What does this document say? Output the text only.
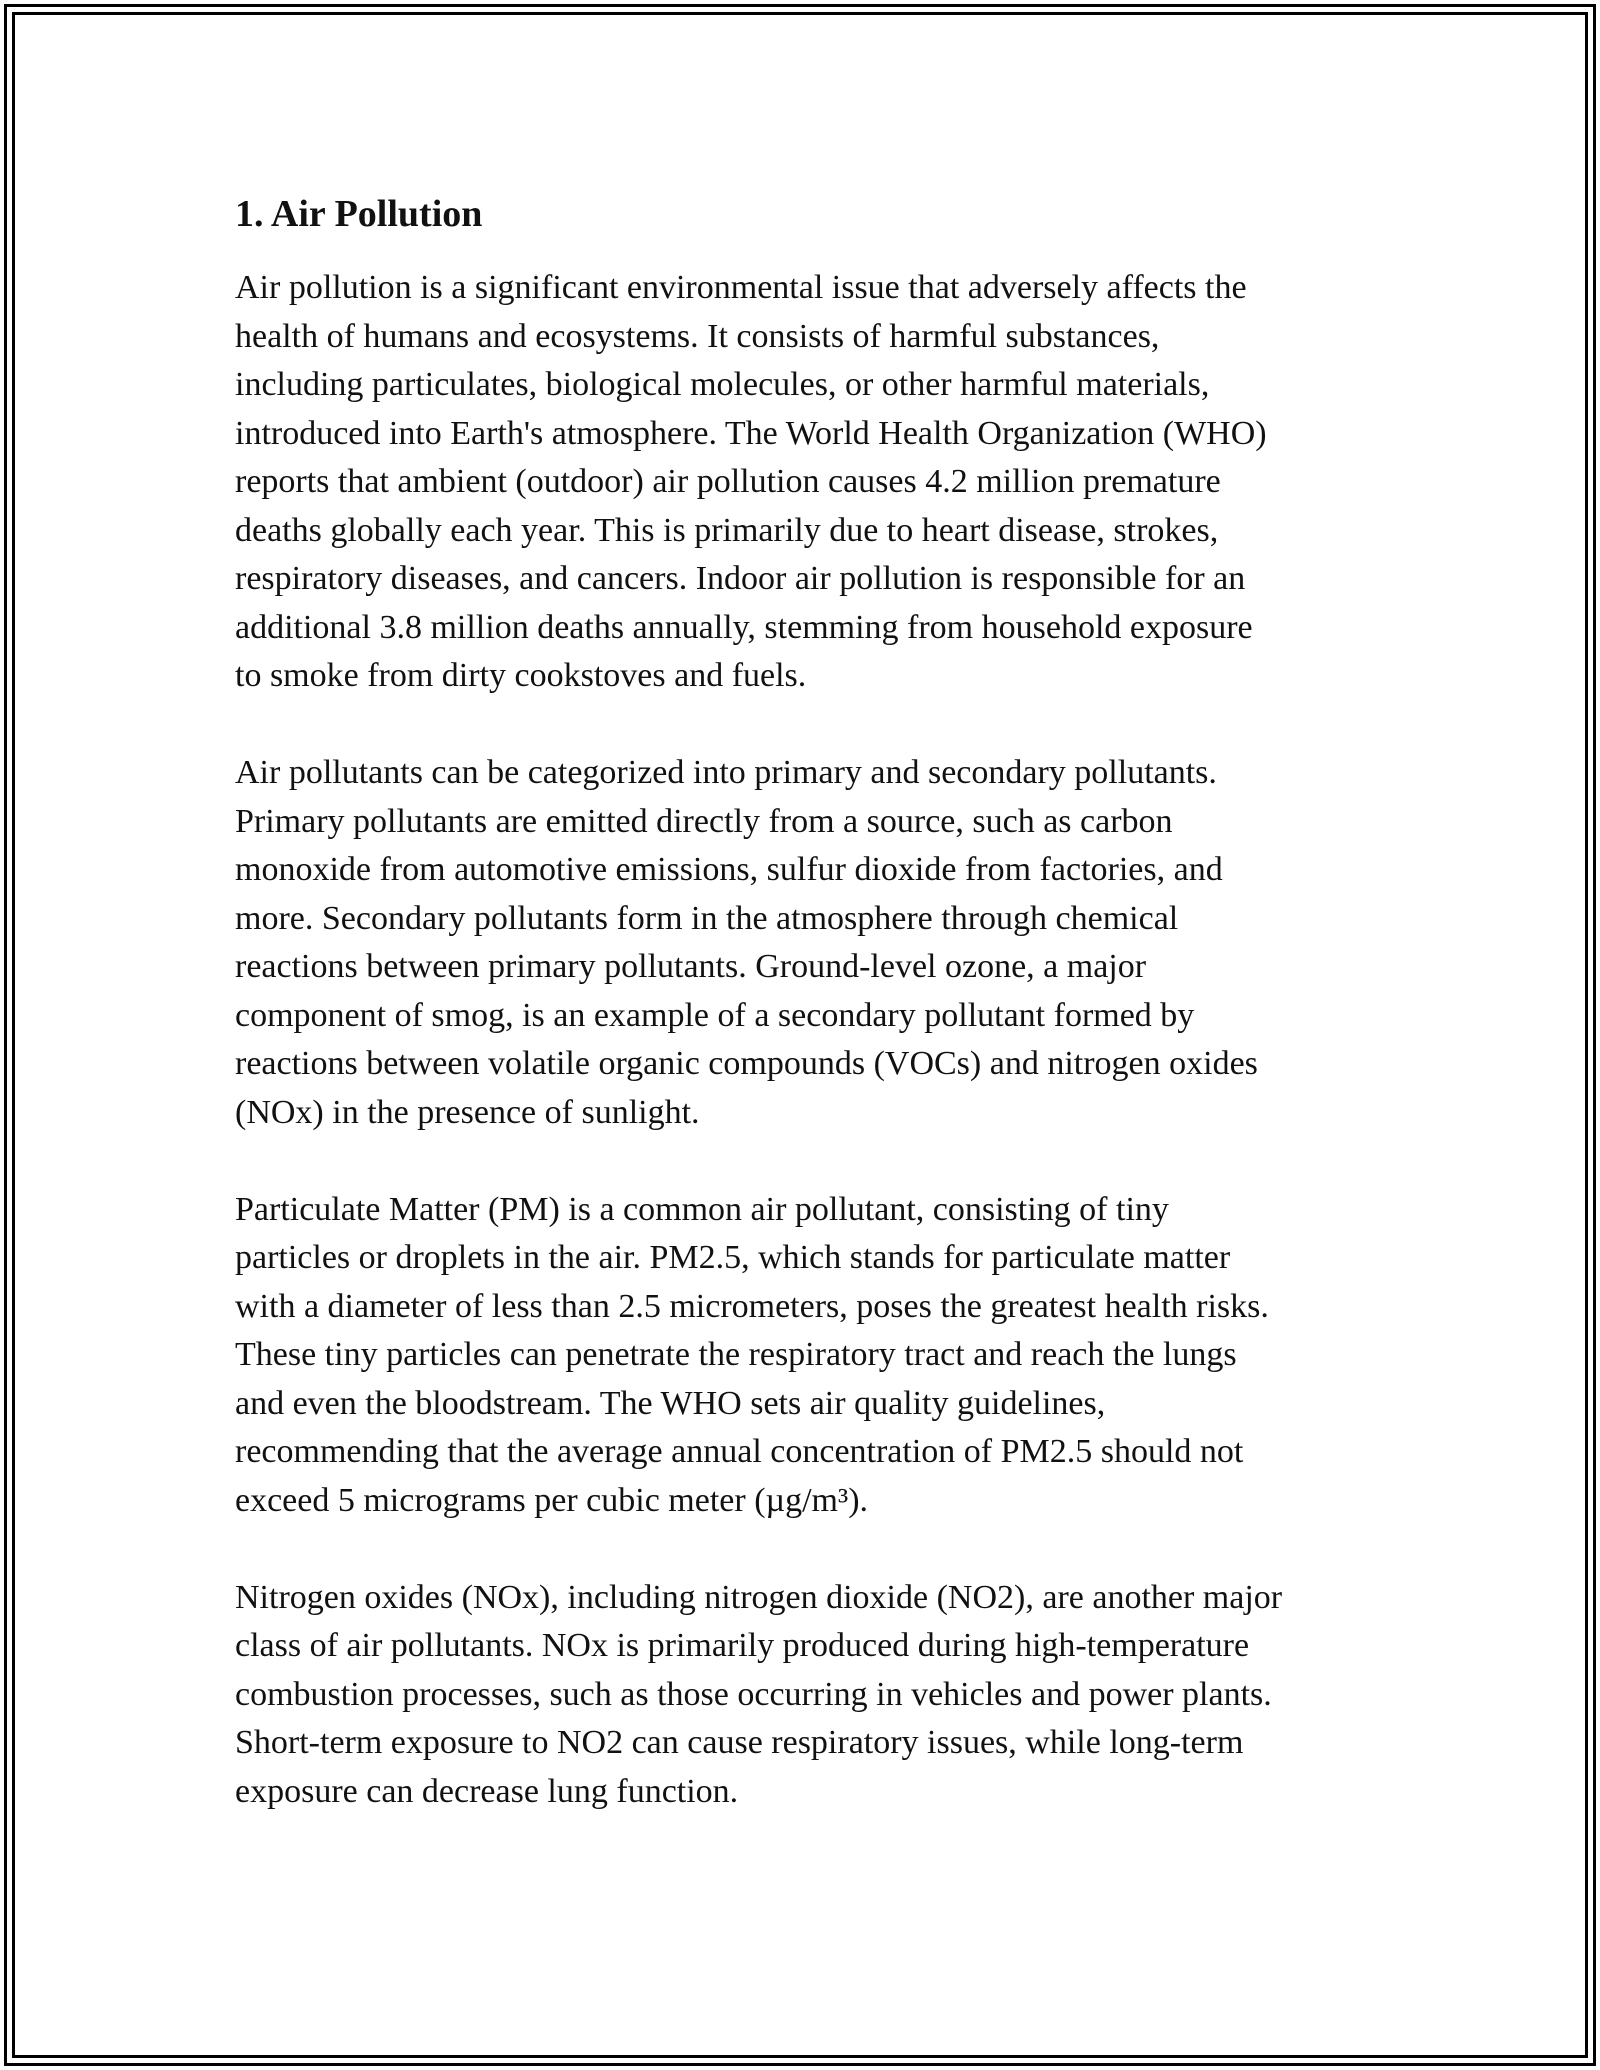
1. Air Pollution

Air pollution is a significant environmental issue that adversely affects the
health of humans and ecosystems. It consists of harmful substances,
including particulates, biological molecules, or other harmful materials,
introduced into Earth's atmosphere. The World Health Organization (WHO)
reports that ambient (outdoor) air pollution causes 4.2 million premature
deaths globally each year. This is primarily due to heart disease, strokes,
respiratory diseases, and cancers. Indoor air pollution is responsible for an
additional 3.8 million deaths annually, stemming from household exposure
to smoke from dirty cookstoves and fuels.

Air pollutants can be categorized into primary and secondary pollutants.
Primary pollutants are emitted directly from a source, such as carbon
monoxide from automotive emissions, sulfur dioxide from factories, and
more. Secondary pollutants form in the atmosphere through chemical
reactions between primary pollutants. Ground-level ozone, a major
component of smog, is an example of a secondary pollutant formed by
reactions between volatile organic compounds (VOCs) and nitrogen oxides
(NOx) in the presence of sunlight.

Particulate Matter (PM) is a common air pollutant, consisting of tiny
particles or droplets in the air. PM2.5, which stands for particulate matter
with a diameter of less than 2.5 micrometers, poses the greatest health risks.
These tiny particles can penetrate the respiratory tract and reach the lungs
and even the bloodstream. The WHO sets air quality guidelines,
recommending that the average annual concentration of PM2.5 should not
exceed 5 micrograms per cubic meter (µg/m³).

Nitrogen oxides (NOx), including nitrogen dioxide (NO2), are another major
class of air pollutants. NOx is primarily produced during high-temperature
combustion processes, such as those occurring in vehicles and power plants.
Short-term exposure to NO2 can cause respiratory issues, while long-term
exposure can decrease lung function.
